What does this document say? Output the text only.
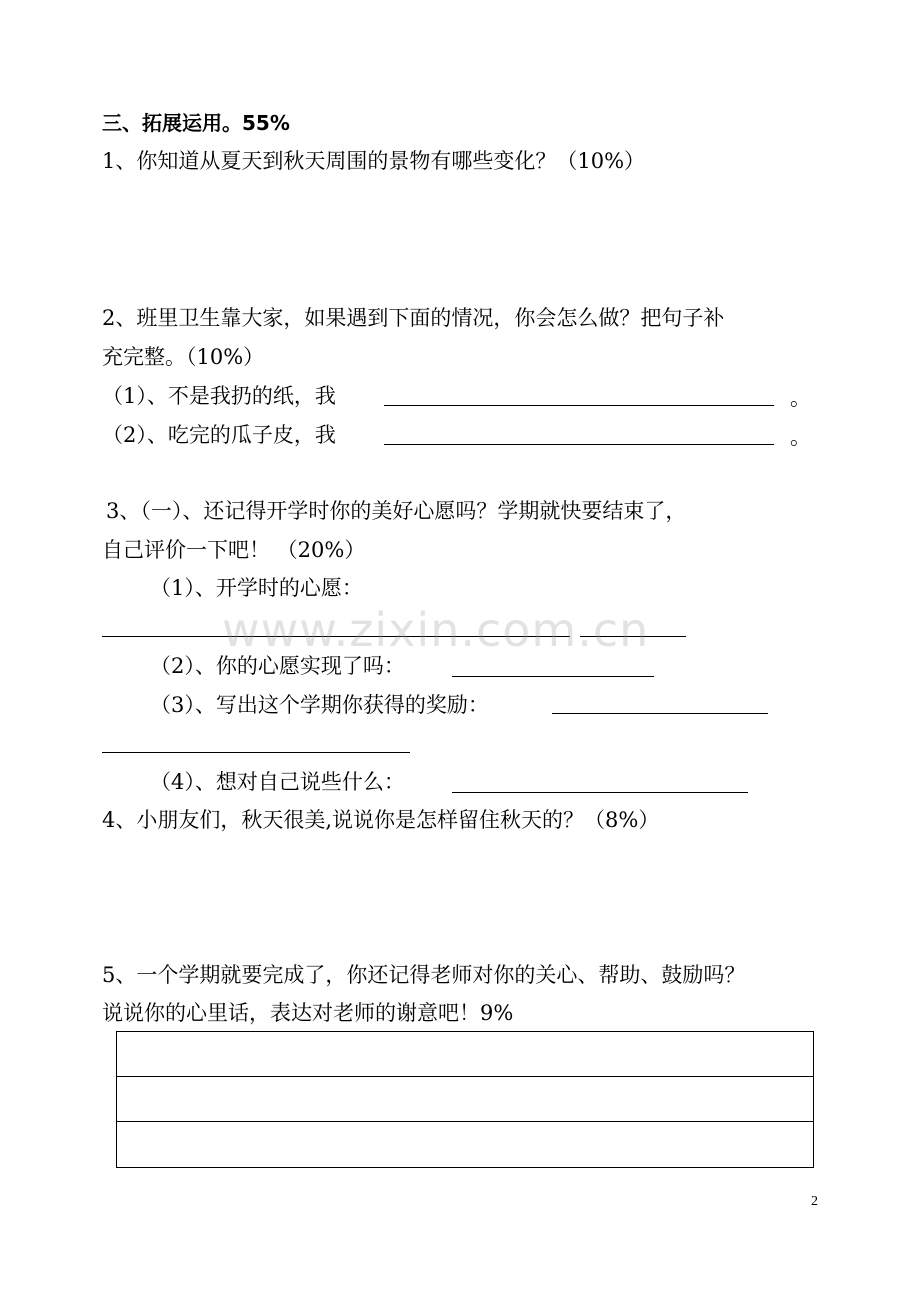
三、拓展运用。55%
1、你知道从夏天到秋天周围的景物有哪些变化？（10%）
2、班里卫生靠大家，如果遇到下面的情况，你会怎么做？把句子补
充完整。（10%）
（1）、不是我扔的纸，我	。
（2）、吃完的瓜子皮，我	。
3、（一）、还记得开学时你的美好心愿吗？学期就快要结束了，
自己评价一下吧！ （20%）
（1）、开学时的心愿：
（2）、你的心愿实现了吗：
（3）、写出这个学期你获得的奖励：
（4）、想对自己说些什么：
4、小朋友们，秋天很美,说说你是怎样留住秋天的？（8%）
5、一个学期就要完成了，你还记得老师对你的关心、帮助、鼓励吗？
说说你的心里话，表达对老师的谢意吧！9%
www.zixin.com.cn
2
